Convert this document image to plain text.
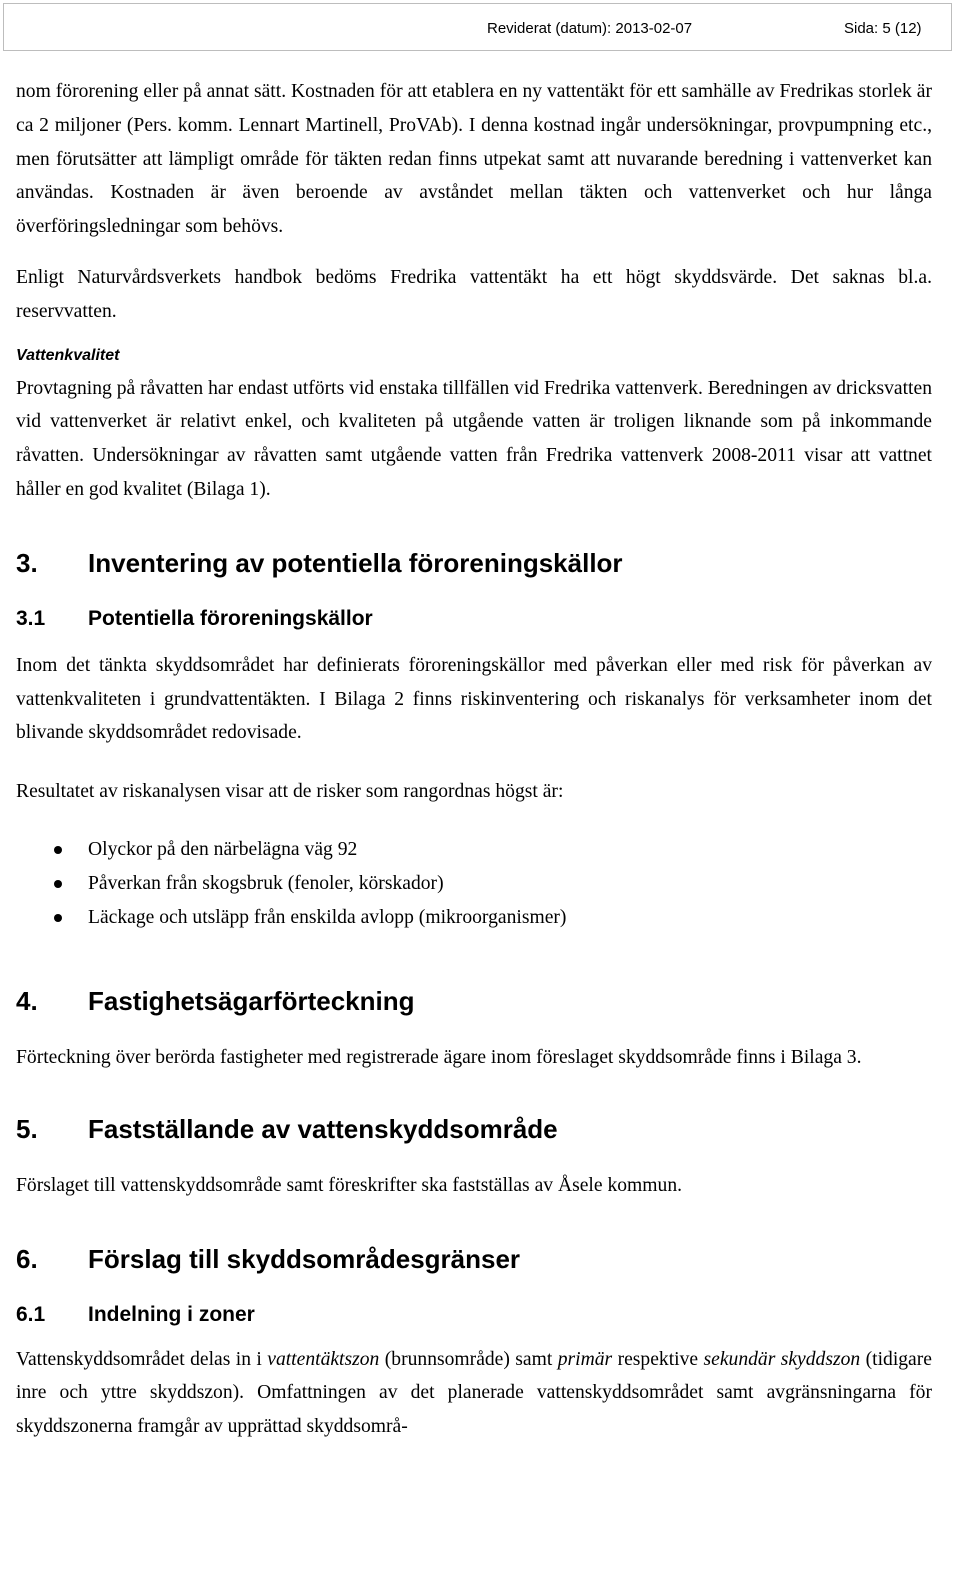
Reviderat (datum): 2013-02-07	Sida: 5 (12)

nom förorening eller på annat sätt. Kostnaden för att etablera en ny vattentäkt för ett samhälle av Fredrikas storlek är ca 2 miljoner (Pers. komm. Lennart Martinell, ProVAb). I denna kostnad ingår undersökningar, provpumpning etc., men förutsätter att lämpligt område för täkten redan finns utpekat samt att nuvarande beredning i vattenverket kan användas. Kostnaden är även beroende av avståndet mellan täkten och vattenverket och hur långa överföringsledningar som behövs.

Enligt Naturvårdsverkets handbok bedöms Fredrika vattentäkt ha ett högt skyddsvärde. Det saknas bl.a. reservvatten.

Vattenkvalitet

Provtagning på råvatten har endast utförts vid enstaka tillfällen vid Fredrika vattenverk. Beredningen av dricksvatten vid vattenverket är relativt enkel, och kvaliteten på utgående vatten är troligen liknande som på inkommande råvatten. Undersökningar av råvatten samt utgående vatten från Fredrika vattenverk 2008-2011 visar att vattnet håller en god kvalitet (Bilaga 1).

3. Inventering av potentiella föroreningskällor
3.1 Potentiella föroreningskällor

Inom det tänkta skyddsområdet har definierats föroreningskällor med påverkan eller med risk för påverkan av vattenkvaliteten i grundvattentäkten. I Bilaga 2 finns riskinventering och riskanalys för verksamheter inom det blivande skyddsområdet redovisade.

Resultatet av riskanalysen visar att de risker som rangordnas högst är:

Olyckor på den närbelägna väg 92
Påverkan från skogsbruk (fenoler, körskador)
Läckage och utsläpp från enskilda avlopp (mikroorganismer)
4. Fastighetsägarförteckning

Förteckning över berörda fastigheter med registrerade ägare inom föreslaget skyddsområde finns i Bilaga 3.

5. Fastställande av vattenskyddsområde

Förslaget till vattenskyddsområde samt föreskrifter ska fastställas av Åsele kommun.

6. Förslag till skyddsområdesgränser
6.1 Indelning i zoner

Vattenskyddsområdet delas in i vattentäktszon (brunnsområde) samt primär respektive sekundär skyddszon (tidigare inre och yttre skyddszon). Omfattningen av det planerade vattenskyddsområdet samt avgränsningarna för skyddszonerna framgår av upprättad skyddsområ-
